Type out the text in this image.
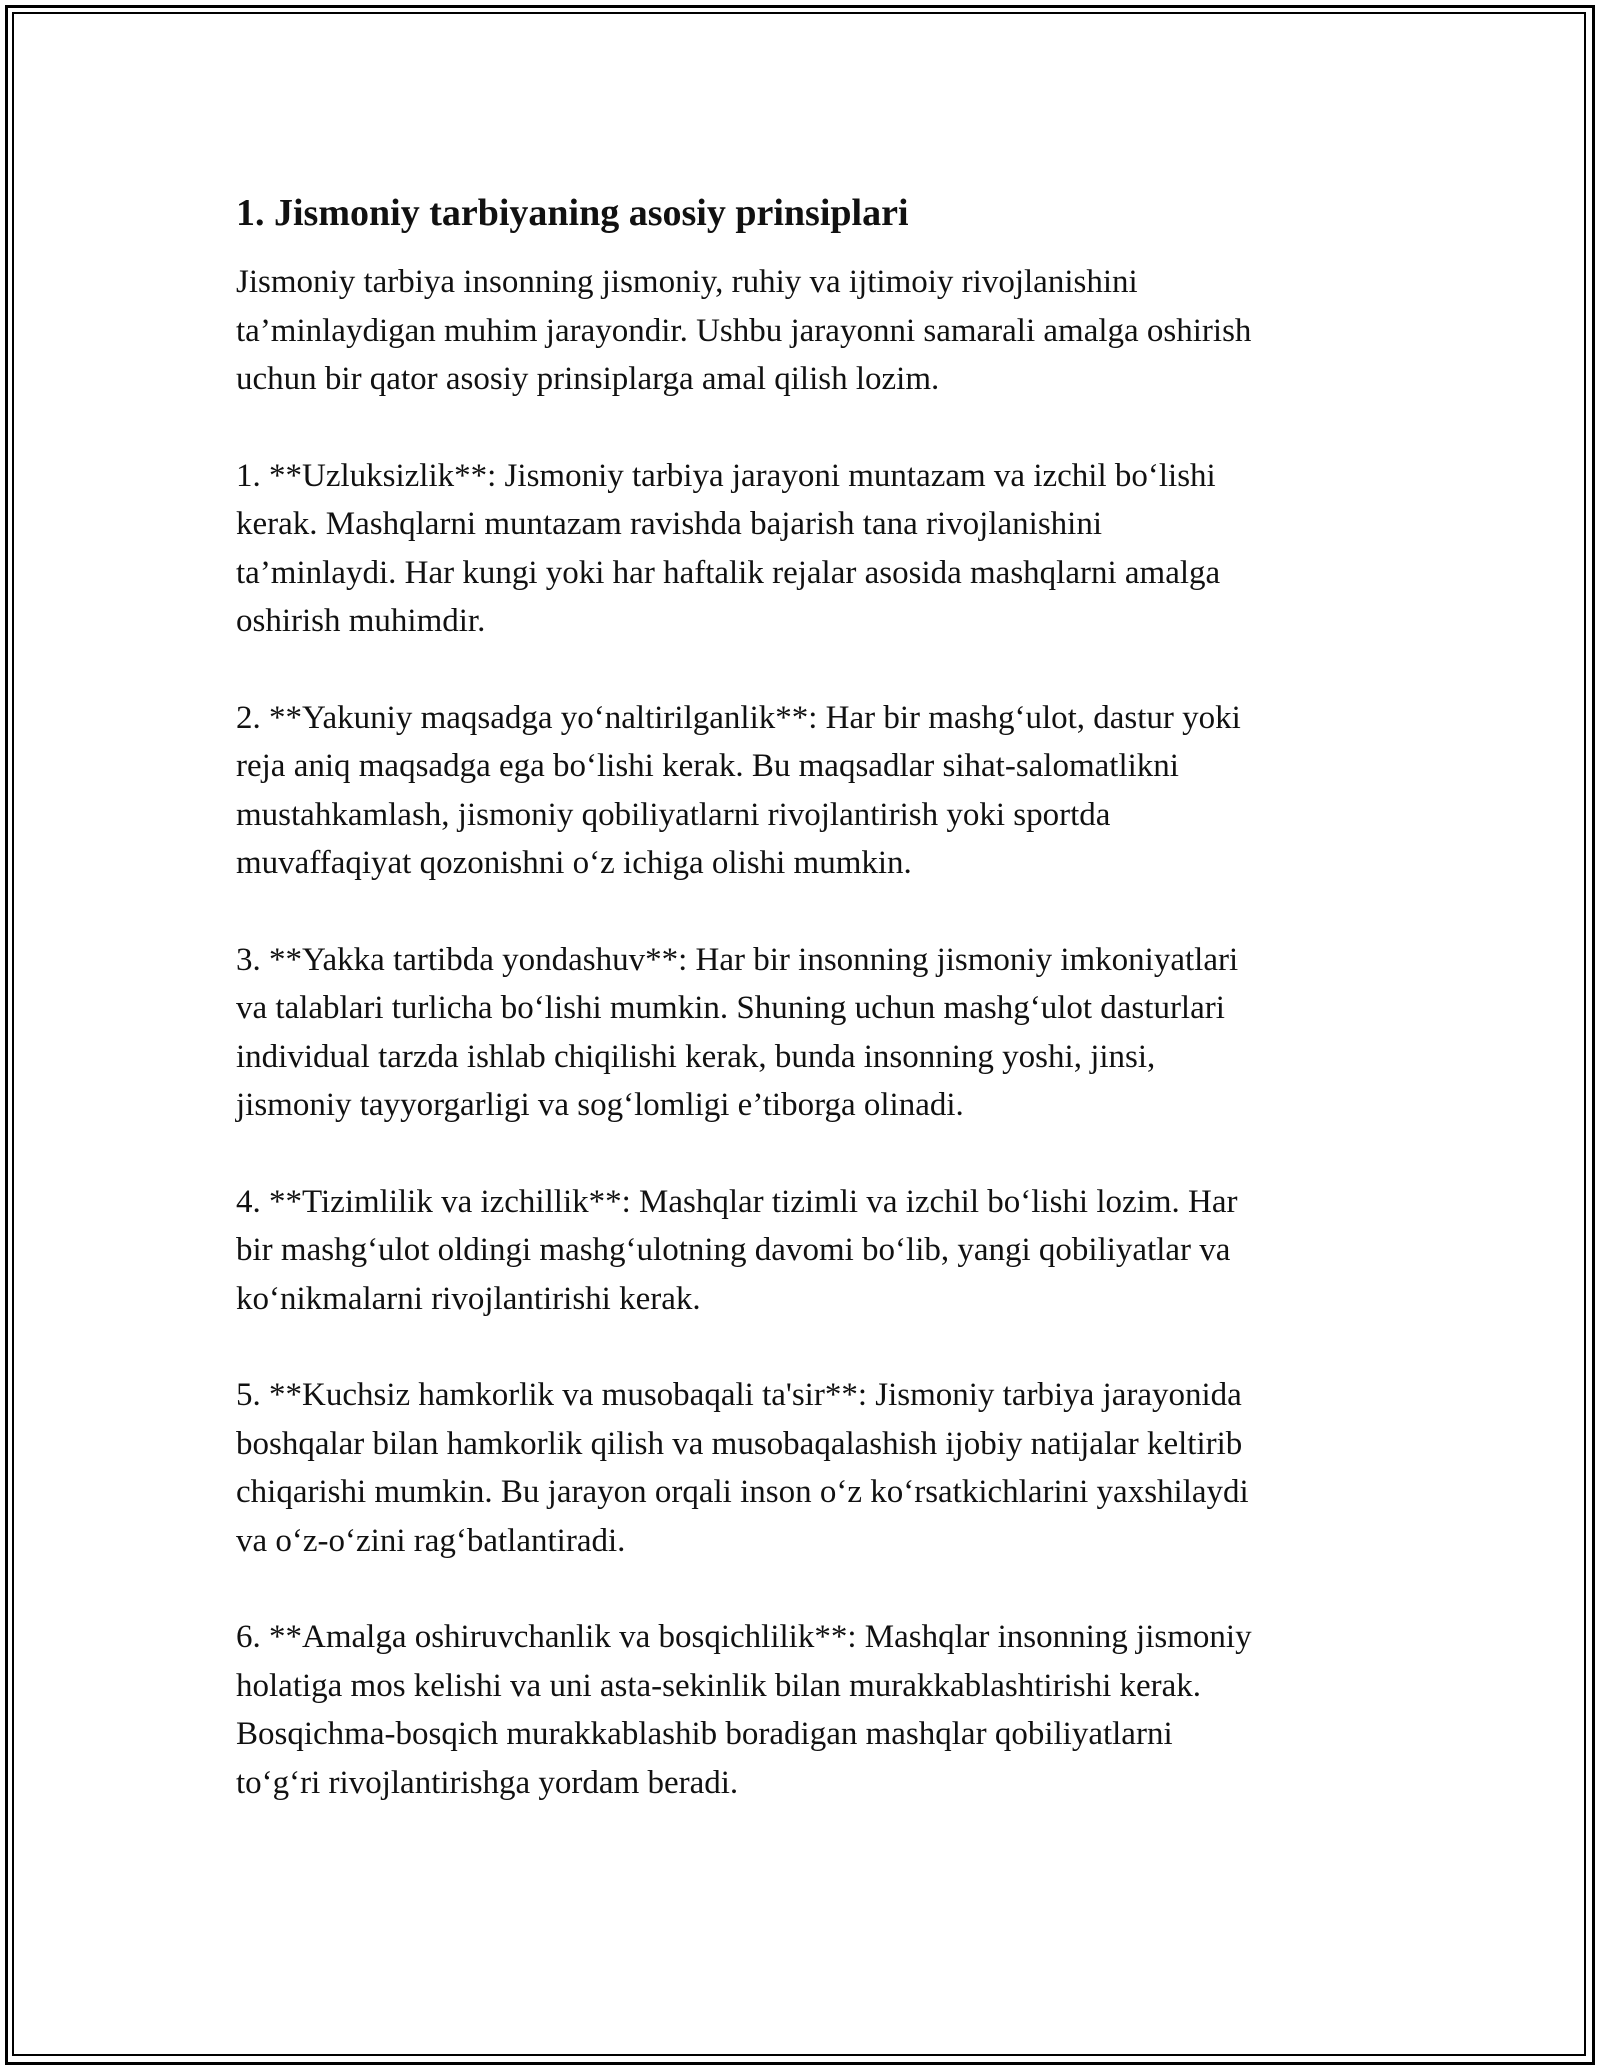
1. Jismoniy tarbiyaning asosiy prinsiplari
Jismoniy tarbiya insonning jismoniy, ruhiy va ijtimoiy rivojlanishini
ta’minlaydigan muhim jarayondir. Ushbu jarayonni samarali amalga oshirish
uchun bir qator asosiy prinsiplarga amal qilish lozim.
1. **Uzluksizlik**: Jismoniy tarbiya jarayoni muntazam va izchil bo‘lishi
kerak. Mashqlarni muntazam ravishda bajarish tana rivojlanishini
ta’minlaydi. Har kungi yoki har haftalik rejalar asosida mashqlarni amalga
oshirish muhimdir.
2. **Yakuniy maqsadga yo‘naltirilganlik**: Har bir mashg‘ulot, dastur yoki
reja aniq maqsadga ega bo‘lishi kerak. Bu maqsadlar sihat-salomatlikni
mustahkamlash, jismoniy qobiliyatlarni rivojlantirish yoki sportda
muvaffaqiyat qozonishni o‘z ichiga olishi mumkin.
3. **Yakka tartibda yondashuv**: Har bir insonning jismoniy imkoniyatlari
va talablari turlicha bo‘lishi mumkin. Shuning uchun mashg‘ulot dasturlari
individual tarzda ishlab chiqilishi kerak, bunda insonning yoshi, jinsi,
jismoniy tayyorgarligi va sog‘lomligi e’tiborga olinadi.
4. **Tizimlilik va izchillik**: Mashqlar tizimli va izchil bo‘lishi lozim. Har
bir mashg‘ulot oldingi mashg‘ulotning davomi bo‘lib, yangi qobiliyatlar va
ko‘nikmalarni rivojlantirishi kerak.
5. **Kuchsiz hamkorlik va musobaqali ta'sir**: Jismoniy tarbiya jarayonida
boshqalar bilan hamkorlik qilish va musobaqalashish ijobiy natijalar keltirib
chiqarishi mumkin. Bu jarayon orqali inson o‘z ko‘rsatkichlarini yaxshilaydi
va o‘z-o‘zini rag‘batlantiradi.
6. **Amalga oshiruvchanlik va bosqichlilik**: Mashqlar insonning jismoniy
holatiga mos kelishi va uni asta-sekinlik bilan murakkablashtirishi kerak.
Bosqichma-bosqich murakkablashib boradigan mashqlar qobiliyatlarni
to‘g‘ri rivojlantirishga yordam beradi.
